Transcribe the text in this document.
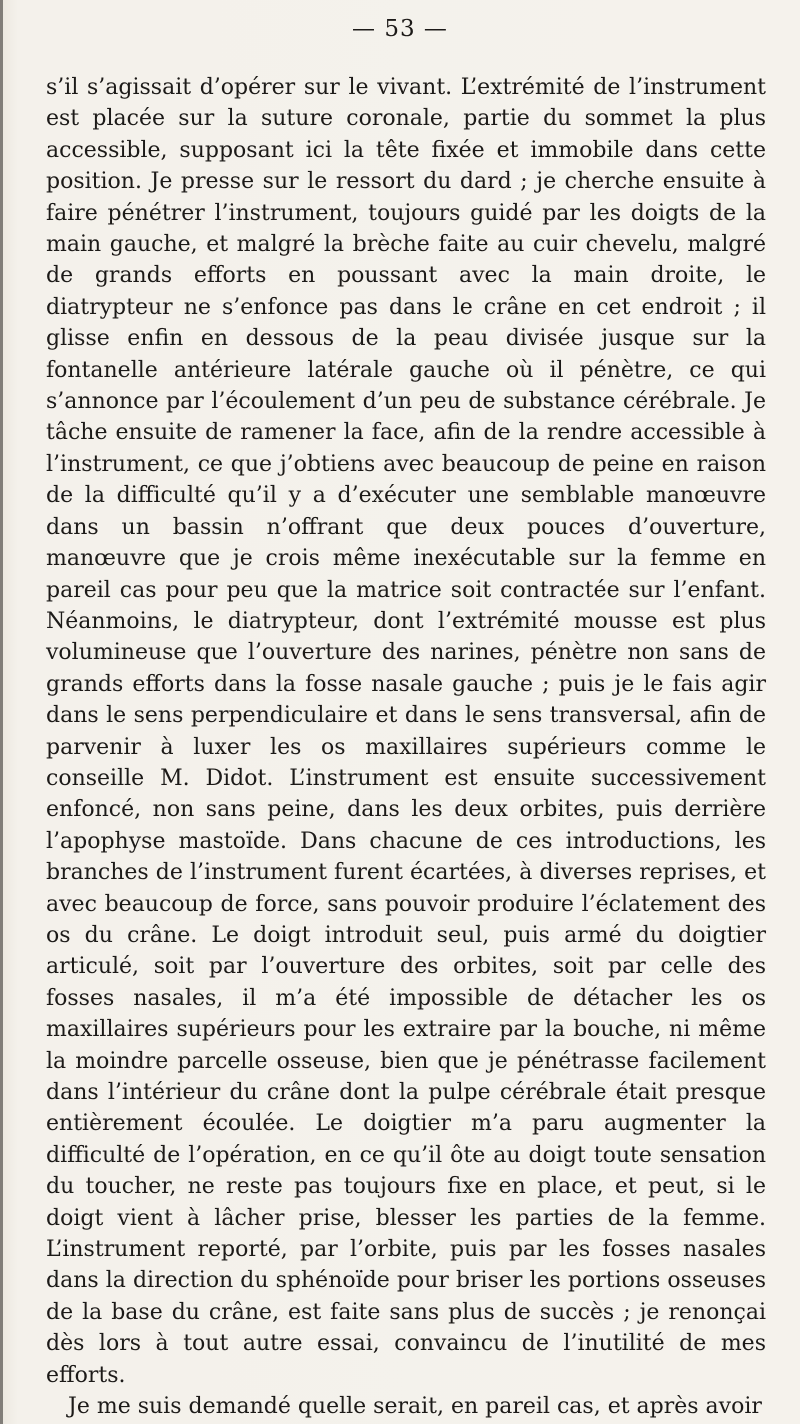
— 53 —

s’il s’agissait d’opérer sur le vivant. L’extrémité de l’instrument est placée sur la suture coronale, partie du sommet la plus accessible, supposant ici la tête fixée et immobile dans cette position. Je presse sur le ressort du dard ; je cherche ensuite à faire pénétrer l’instrument, toujours guidé par les doigts de la main gauche, et malgré la brèche faite au cuir chevelu, malgré de grands efforts en poussant avec la main droite, le diatrypteur ne s’enfonce pas dans le crâne en cet endroit ; il glisse enfin en dessous de la peau divisée jusque sur la fontanelle antérieure latérale gauche où il pénètre, ce qui s’annonce par l’écoulement d’un peu de substance cérébrale. Je tâche ensuite de ramener la face, afin de la rendre accessible à l’instrument, ce que j’obtiens avec beaucoup de peine en raison de la difficulté qu’il y a d’exécuter une semblable manœuvre dans un bassin n’offrant que deux pouces d’ouverture, manœuvre que je crois même inexécutable sur la femme en pareil cas pour peu que la matrice soit contractée sur l’enfant. Néanmoins, le diatrypteur, dont l’extrémité mousse est plus volumineuse que l’ouverture des narines, pénètre non sans de grands efforts dans la fosse nasale gauche ; puis je le fais agir dans le sens perpendiculaire et dans le sens transversal, afin de parvenir à luxer les os maxillaires supérieurs comme le conseille M. Didot. L’instrument est ensuite successivement enfoncé, non sans peine, dans les deux orbites, puis derrière l’apophyse mastoïde. Dans chacune de ces introductions, les branches de l’instrument furent écartées, à diverses reprises, et avec beaucoup de force, sans pouvoir produire l’éclatement des os du crâne. Le doigt introduit seul, puis armé du doigtier articulé, soit par l’ouverture des orbites, soit par celle des fosses nasales, il m’a été impossible de détacher les os maxillaires supérieurs pour les extraire par la bouche, ni même la moindre parcelle osseuse, bien que je pénétrasse facilement dans l’intérieur du crâne dont la pulpe cérébrale était presque entièrement écoulée. Le doigtier m’a paru augmenter la difficulté de l’opération, en ce qu’il ôte au doigt toute sensation du toucher, ne reste pas toujours fixe en place, et peut, si le doigt vient à lâcher prise, blesser les parties de la femme. L’instrument reporté, par l’orbite, puis par les fosses nasales dans la direction du sphénoïde pour briser les portions osseuses de la base du crâne, est faite sans plus de succès ; je renonçai dès lors à tout autre essai, convaincu de l’inutilité de mes efforts.

Je me suis demandé quelle serait, en pareil cas, et après avoir
